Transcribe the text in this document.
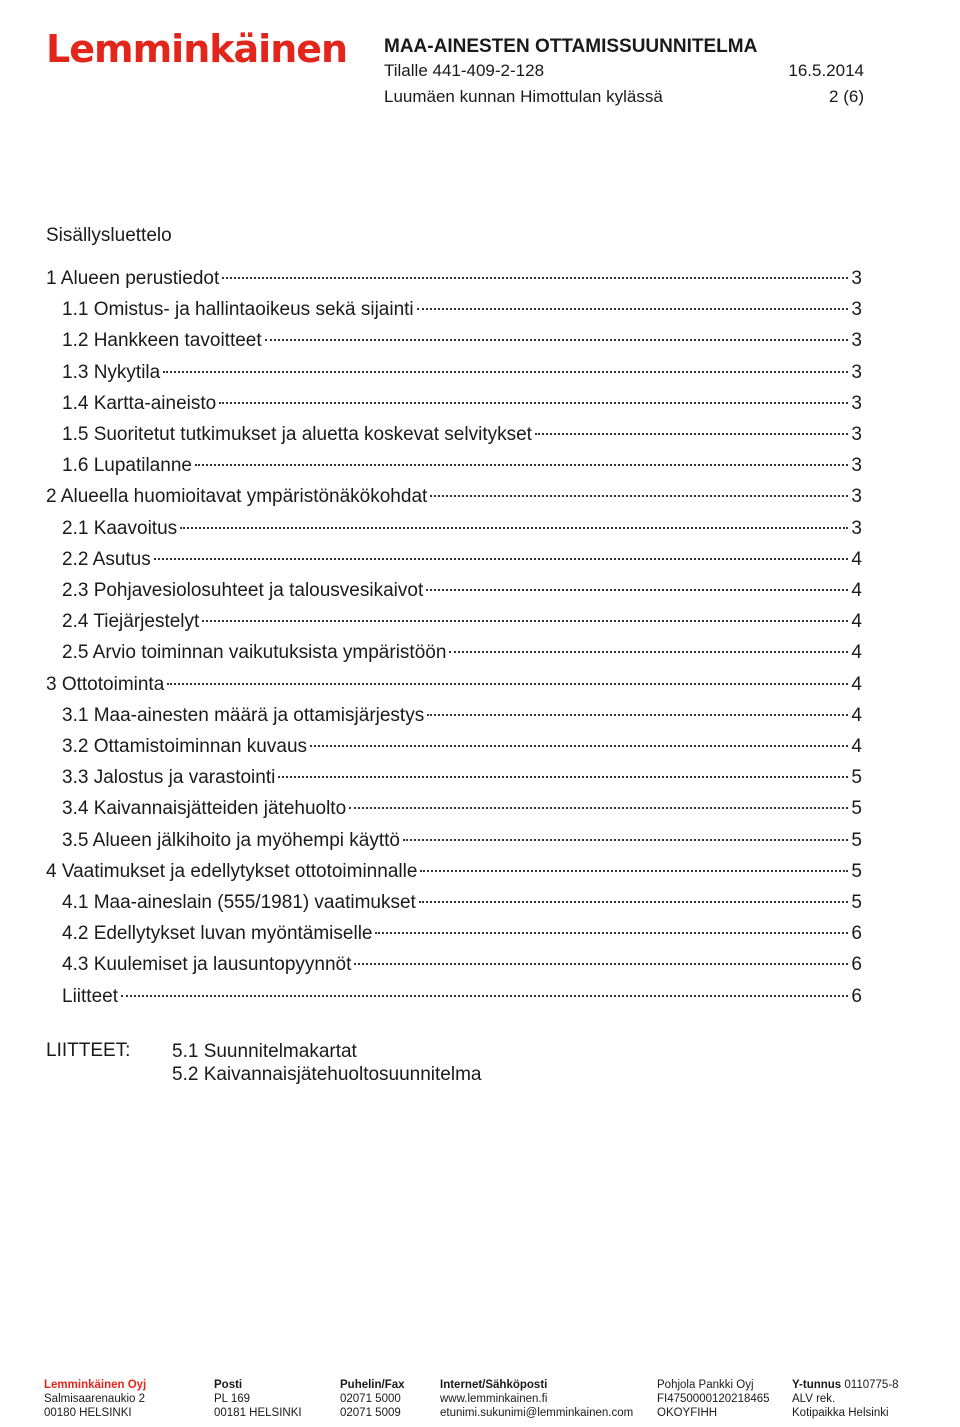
Lemminkäinen MAA-AINESTEN OTTAMISSUUNNITELMA
Tilalle 441-409-2-128	16.5.2014
Luumäen kunnan Himottulan kylässä	2 (6)
Sisällysluettelo
1 Alueen perustiedot	3
1.1 Omistus- ja hallintaoikeus sekä sijainti	3
1.2 Hankkeen tavoitteet	3
1.3 Nykytila	3
1.4 Kartta-aineisto	3
1.5 Suoritetut tutkimukset ja aluetta koskevat selvitykset	3
1.6 Lupatilanne	3
2 Alueella huomioitavat ympäristönäkökohdat	3
2.1 Kaavoitus	3
2.2 Asutus	4
2.3 Pohjavesiolosuhteet ja talousvesikaivot	4
2.4 Tiejärjestelyt	4
2.5 Arvio toiminnan vaikutuksista ympäristöön	4
3 Ottotoiminta	4
3.1 Maa-ainesten määrä ja ottamisjärjestys	4
3.2 Ottamistoiminnan kuvaus	4
3.3 Jalostus ja varastointi	5
3.4 Kaivannaisjätteiden jätehuolto	5
3.5 Alueen jälkihoito ja myöhempi käyttö	5
4 Vaatimukset ja edellytykset ottotoiminnalle	5
4.1 Maa-aineslain (555/1981) vaatimukset	5
4.2 Edellytykset luvan myöntämiselle	6
4.3 Kuulemiset ja lausuntopyynnöt	6
Liitteet	6
LIITTEET: 5.1 Suunnitelmakartat
5.2 Kaivannaisjätehuoltosuunnitelma
Lemminkäinen Oyj
Salmisaarenaukio 2
00180 HELSINKI
Posti
PL 169
00181 HELSINKI
Puhelin/Fax
02071 5000
02071 5009
Internet/Sähköposti
www.lemminkainen.fi
etunimi.sukunimi@lemminkainen.com
Pohjola Pankki Oyj
FI4750000120218465
OKOYFIHH
Y-tunnus 0110775-8
ALV rek.
Kotipaikka Helsinki
